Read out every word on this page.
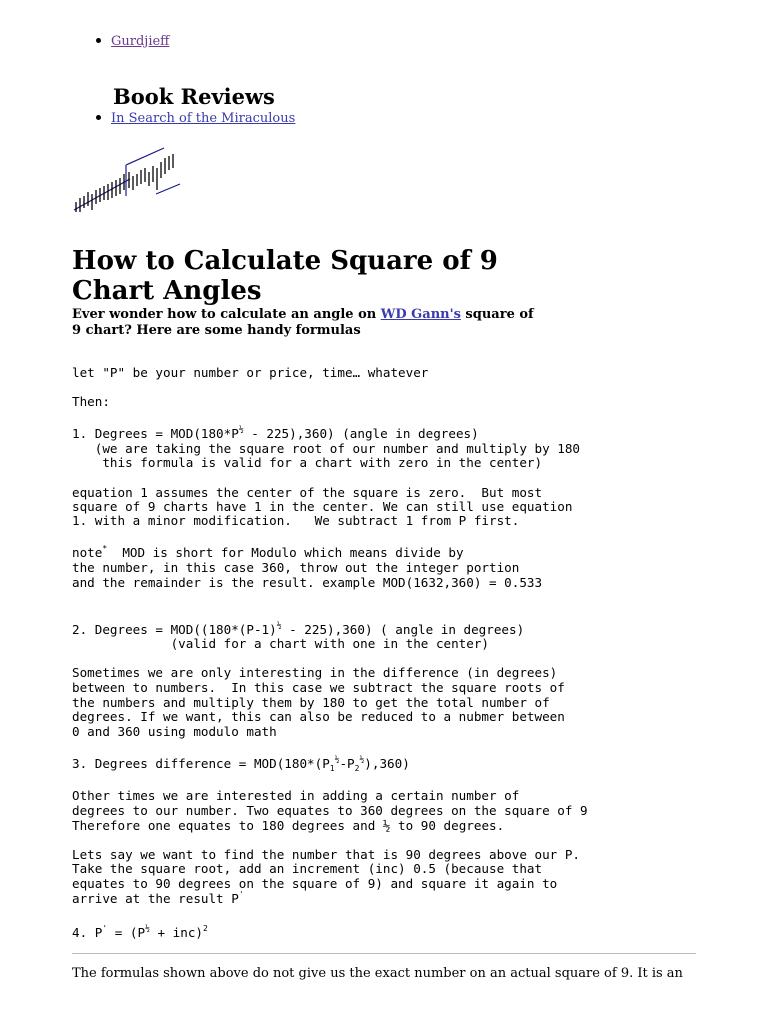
Gurdjieff
Book Reviews
In Search of the Miraculous
How to Calculate Square of 9 Chart Angles
Ever wonder how to calculate an angle on WD Gann's square of 9 chart? Here are some handy formulas
let "P" be your number or price, time… whatever
Then:
1. Degrees = $MOD(180*P^{\frac{1}{2}} - 225),360$) (angle in degrees)
(we are taking the square root of our number and multiply by 180
this formula is valid for a chart with zero in the center)
equation 1 assumes the center of the square is zero.  But most
square of 9 charts have 1 in the center. We can still use equation
1. with a minor modification.   We subtract 1 from P first.
note*  MOD is short for Modulo which means divide by
the number, in this case 360, throw out the integer portion
and the remainder is the result. example MOD(1632,360) = 0.533
2. Degrees = $MOD((180*(P-1)^{\frac{1}{2}} - 225),360)$ ( angle in degrees)
(valid for a chart with one in the center)
Sometimes we are only interesting in the difference (in degrees)
between to numbers.  In this case we subtract the square roots of
the numbers and multiply them by 180 to get the total number of
degrees. If we want, this can also be reduced to a nubmer between
0 and 360 using modulo math
3. Degrees difference = $MOD(180*(P_1^{\frac{1}{2}}-P_2^{\frac{1}{2}}),360)$
Other times we are interested in adding a certain number of
degrees to our number. Two equates to 360 degrees on the square of 9
Therefore one equates to 180 degrees and ½ to 90 degrees.
Lets say we want to find the number that is 90 degrees above our P.
Take the square root, add an increment (inc) 0.5 (because that
equates to 90 degrees on the square of 9) and square it again to
arrive at the result P'
4. $P' = (P^{\frac{1}{2}} + inc)^2$
The formulas shown above do not give us the exact number on an actual square of 9. It is an
